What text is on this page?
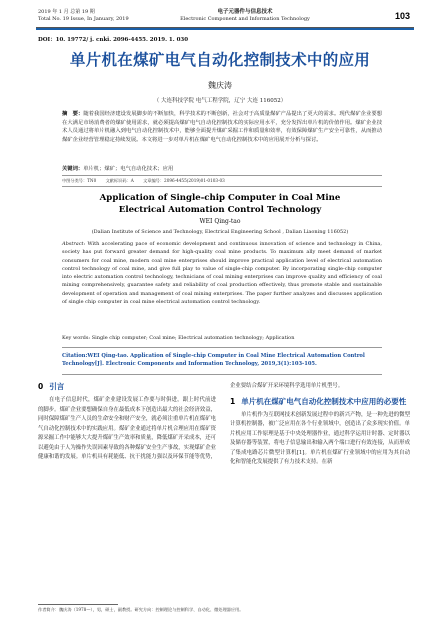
2019 年 1 月 总第 19 期
Total No. 19 Issue, In January, 2019
电子元器件与信息技术
Electronic Component and Information Technology	103
DOI：10. 19772/ j. cnki. 2096-4455. 2019. 1. 030
单片机在煤矿电气自动化控制技术中的应用
魏庆涛
（ 大连科技学院 电气工程学院，辽宁 大连 116052）
摘　要：随着我国经济建设发展脚步的不断加快，科学技术的不断创新，社会对于高质量煤矿产品提出了更大的需求。现代煤矿企业要想在大满足市场消费者的煤矿使用需求，就必须提高煤矿电气自动化控制技术的实际应用水平，充分发挥出单片机的价值作用。煤矿企业技术人员通过将单片机融入到电气自动化控制技术中，能够全面提升煤矿采掘工作和质量和效率，有效保障煤矿生产安全可靠性，从而推动煤矿企业经营管理稳定持续发展。本文将进一步对单片机在煤矿电气自动化控制技术中的应用展开分析与探讨。
关键词：单片机；煤矿；电气自动化技术；应用
中图分类号：TN0 文献标识码：A 文章编号：2096-4455(2019)01-0103-03
Application of Single-chip Computer in Coal Mine
Electrical Automation Control Technology
WEI Qing-tao
(Dalian Institute of Science and Technology, Electrical Engineering School , Dalian Liaoning 116052)
Abstract: With accelerating pace of economic development and continuous innovation of science and technology in China, society has put forward greater demand for high-quality coal mine products. To maximum ally meet demand of market consumers for coal mine, modern coal mine enterprises should improve practical application level of electrical automation control technology of coal mine, and give full play to value of single-chip computer. By incorporating single-chip computer into electric automation control technology, technicians of coal mining enterprises can improve quality and efficiency of coal mining comprehensively, guarantee safety and reliability of coal production effectively, thus promote stable and sustainable development of operation and management of coal mining enterprises. The paper further analyzes and discusses application of single chip computer in coal mine electrical automation control technology.
Key words: Single chip computer; Coal mine; Electrical automation technology; Application
Citation:WEI Qing-tao. Application of Single-chip Computer in Coal Mine Electrical Automation Control Technology[J]. Electronic Components and Information Technology, 2019,3(1):103-105.
0 引言

在电子信息时代，煤矿企业建设发展工作要与时俱进，跟上时代前进的脚步。煤矿企业要想确保自身在最低成本下创造出最大的社会经济效益，同时保障煤矿生产人员的生命安全和财产安全，就必须注重单片机在煤矿电气自动化控制技术中的实践应用。煤矿企业通过将单片机合理应用在煤矿资源采掘工作中能够大大提升煤矿生产效率和质量，降低煤矿开采成本，还可以避免由于人为操作失误因素导致的各种煤矿安全生产事故，实现煤矿企业健康和谐的发展。单片机具有耗能低、抗干扰能力强以及环保节能等优势，

企业要结合煤矿开采环境科学选用单片机型号。

1 单片机在煤矿电气自动化控制技术中应用的必要性

单片机作为互联网技术创新发展过程中的新兴产物，是一种先进的微型计算机控制器，被广泛应用在各个行业领域中，创造出了众多现实价值。单片机应用工作原理是基于中央处理器作业，通过科学运用计时器、定时器以及储存器等装置，将电子信息输出和输入两个端口进行有效连接，从而形成了集成电路芯片微型计算机[1]。单片机在煤矿行业领域中的应用为其自动化和智能化发展提供了有力技术支持。在新

作者简介：魏庆涛（1978—），男，硕士，副教授。研究方向：控制理论与控制科学、自动化、微处理器应用。
